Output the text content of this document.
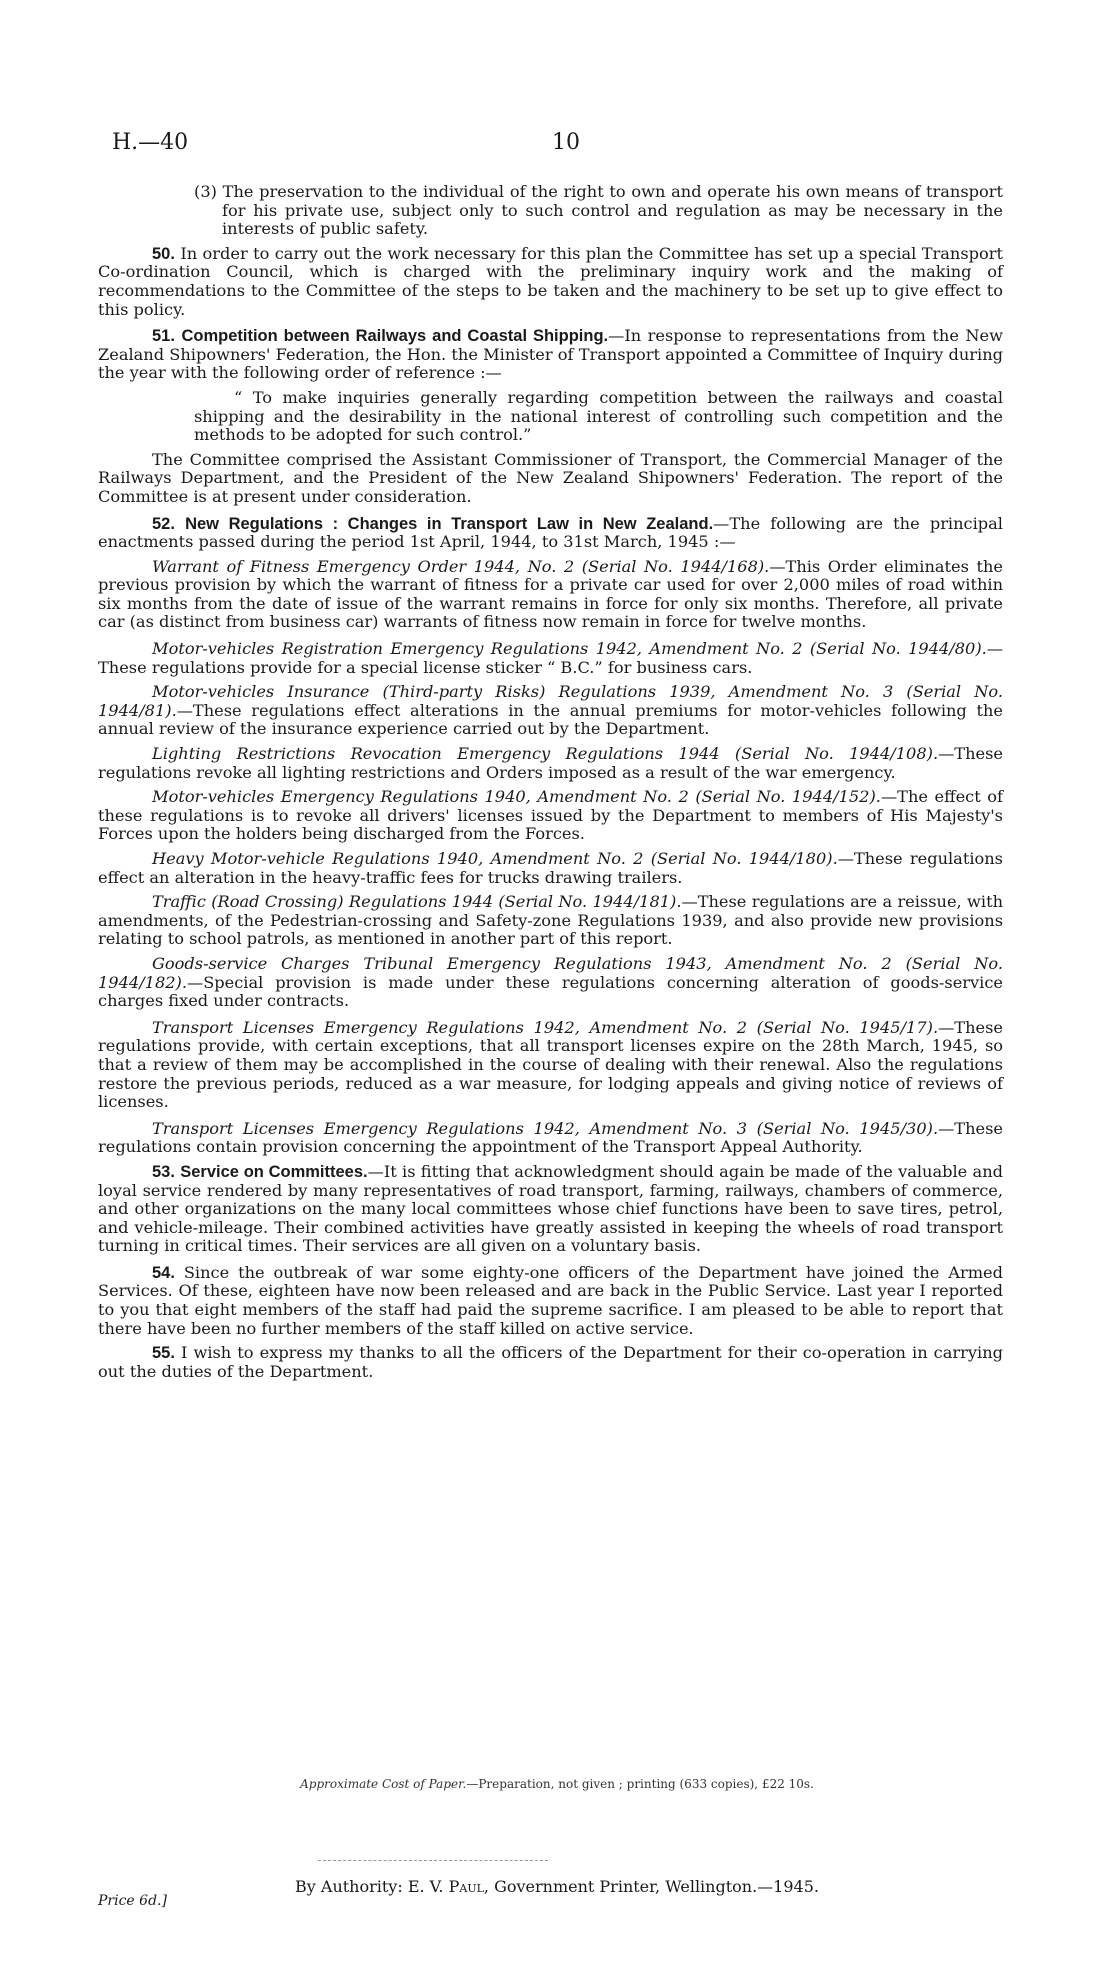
H.—40	10

(3) The preservation to the individual of the right to own and operate his own means of transport for his private use, subject only to such control and regulation as may be necessary in the interests of public safety.

50. In order to carry out the work necessary for this plan the Committee has set up a special Transport Co-ordination Council, which is charged with the preliminary inquiry work and the making of recommendations to the Committee of the steps to be taken and the machinery to be set up to give effect to this policy.

51. Competition between Railways and Coastal Shipping.—In response to representations from the New Zealand Shipowners' Federation, the Hon. the Minister of Transport appointed a Committee of Inquiry during the year with the following order of reference :—

“ To make inquiries generally regarding competition between the railways and coastal shipping and the desirability in the national interest of controlling such competition and the methods to be adopted for such control.”

The Committee comprised the Assistant Commissioner of Transport, the Commercial Manager of the Railways Department, and the President of the New Zealand Shipowners' Federation. The report of the Committee is at present under consideration.

52. New Regulations : Changes in Transport Law in New Zealand.—The following are the principal enactments passed during the period 1st April, 1944, to 31st March, 1945 :—

Warrant of Fitness Emergency Order 1944, No. 2 (Serial No. 1944/168).—This Order eliminates the previous provision by which the warrant of fitness for a private car used for over 2,000 miles of road within six months from the date of issue of the warrant remains in force for only six months. Therefore, all private car (as distinct from business car) warrants of fitness now remain in force for twelve months.

Motor-vehicles Registration Emergency Regulations 1942, Amendment No. 2 (Serial No. 1944/80).—These regulations provide for a special license sticker “ B.C.” for business cars.

Motor-vehicles Insurance (Third-party Risks) Regulations 1939, Amendment No. 3 (Serial No. 1944/81).—These regulations effect alterations in the annual premiums for motor-vehicles following the annual review of the insurance experience carried out by the Department.

Lighting Restrictions Revocation Emergency Regulations 1944 (Serial No. 1944/108).—These regulations revoke all lighting restrictions and Orders imposed as a result of the war emergency.

Motor-vehicles Emergency Regulations 1940, Amendment No. 2 (Serial No. 1944/152).—The effect of these regulations is to revoke all drivers' licenses issued by the Department to members of His Majesty's Forces upon the holders being discharged from the Forces.

Heavy Motor-vehicle Regulations 1940, Amendment No. 2 (Serial No. 1944/180).—These regulations effect an alteration in the heavy-traffic fees for trucks drawing trailers.

Traffic (Road Crossing) Regulations 1944 (Serial No. 1944/181).—These regulations are a reissue, with amendments, of the Pedestrian-crossing and Safety-zone Regulations 1939, and also provide new provisions relating to school patrols, as mentioned in another part of this report.

Goods-service Charges Tribunal Emergency Regulations 1943, Amendment No. 2 (Serial No. 1944/182).—Special provision is made under these regulations concerning alteration of goods-service charges fixed under contracts.

Transport Licenses Emergency Regulations 1942, Amendment No. 2 (Serial No. 1945/17).—These regulations provide, with certain exceptions, that all transport licenses expire on the 28th March, 1945, so that a review of them may be accomplished in the course of dealing with their renewal. Also the regulations restore the previous periods, reduced as a war measure, for lodging appeals and giving notice of reviews of licenses.

Transport Licenses Emergency Regulations 1942, Amendment No. 3 (Serial No. 1945/30).—These regulations contain provision concerning the appointment of the Transport Appeal Authority.

53. Service on Committees.—It is fitting that acknowledgment should again be made of the valuable and loyal service rendered by many representatives of road transport, farming, railways, chambers of commerce, and other organizations on the many local committees whose chief functions have been to save tires, petrol, and vehicle-mileage. Their combined activities have greatly assisted in keeping the wheels of road transport turning in critical times. Their services are all given on a voluntary basis.

54. Since the outbreak of war some eighty-one officers of the Department have joined the Armed Services. Of these, eighteen have now been released and are back in the Public Service. Last year I reported to you that eight members of the staff had paid the supreme sacrifice. I am pleased to be able to report that there have been no further members of the staff killed on active service.

55. I wish to express my thanks to all the officers of the Department for their co-operation in carrying out the duties of the Department.

Approximate Cost of Paper.—Preparation, not given ; printing (633 copies), £22 10s.
By Authority: E. V. Paul, Government Printer, Wellington.—1945.
Price 6d.]
